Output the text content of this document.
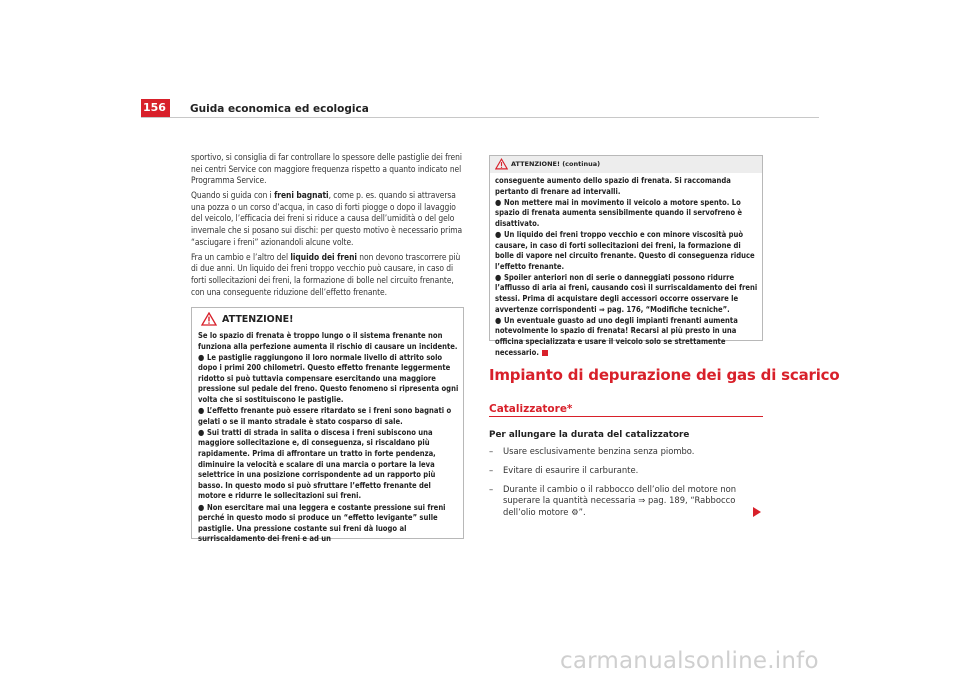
156 Guida economica ed ecologica

sportivo, si consiglia di far controllare lo spessore delle pastiglie dei freni nei centri Service con maggiore frequenza rispetto a quanto indicato nel Programma Service.

Quando si guida con i freni bagnati, come p. es. quando si attraversa una pozza o un corso d’acqua, in caso di forti piogge o dopo il lavaggio del veicolo, l’efficacia dei freni si riduce a causa dell’umidità o del gelo invernale che si posano sui dischi: per questo motivo è necessario prima “asciugare i freni” azionandoli alcune volte.

Fra un cambio e l’altro del liquido dei freni non devono trascorrere più di due anni. Un liquido dei freni troppo vecchio può causare, in caso di forti sollecitazioni dei freni, la formazione di bolle nel circuito frenante, con una conseguente riduzione dell’effetto frenante.

ATTENZIONE!

Se lo spazio di frenata è troppo lungo o il sistema frenante non funziona alla perfezione aumenta il rischio di causare un incidente.

● Le pastiglie raggiungono il loro normale livello di attrito solo dopo i primi 200 chilometri. Questo effetto frenante leggermente ridotto si può tuttavia compensare esercitando una maggiore pressione sul pedale del freno. Questo fenomeno si ripresenta ogni volta che si sostituiscono le pastiglie.

● L’effetto frenante può essere ritardato se i freni sono bagnati o gelati o se il manto stradale è stato cosparso di sale.

● Sui tratti di strada in salita o discesa i freni subiscono una maggiore sollecitazione e, di conseguenza, si riscaldano più rapidamente. Prima di affrontare un tratto in forte pendenza, diminuire la velocità e scalare di una marcia o portare la leva selettrice in una posizione corrispondente ad un rapporto più basso. In questo modo si può sfruttare l’effetto frenante del motore e ridurre le sollecitazioni sui freni.

● Non esercitare mai una leggera e costante pressione sui freni perché in questo modo si produce un “effetto levigante” sulle pastiglie. Una pressione costante sui freni dà luogo al surriscaldamento dei freni e ad un

ATTENZIONE! (continua)

conseguente aumento dello spazio di frenata. Si raccomanda pertanto di frenare ad intervalli.

● Non mettere mai in movimento il veicolo a motore spento. Lo spazio di frenata aumenta sensibilmente quando il servofreno è disattivato.

● Un liquido dei freni troppo vecchio e con minore viscosità può causare, in caso di forti sollecitazioni dei freni, la formazione di bolle di vapore nel circuito frenante. Questo di conseguenza riduce l’effetto frenante.

● Spoiler anteriori non di serie o danneggiati possono ridurre l’afflusso di aria ai freni, causando così il surriscaldamento dei freni stessi. Prima di acquistare degli accessori occorre osservare le avvertenze corrispondenti ⇒ pag. 176, “Modifiche tecniche”.

● Un eventuale guasto ad uno degli impianti frenanti aumenta notevolmente lo spazio di frenata! Recarsi al più presto in una officina specializzata e usare il veicolo solo se strettamente necessario.

Impianto di depurazione dei gas di scarico
Catalizzatore*
Per allungare la durata del catalizzatore
– Usare esclusivamente benzina senza piombo.
– Evitare di esaurire il carburante.
– Durante il cambio o il rabbocco dell’olio del motore non superare la quantità necessaria ⇒ pag. 189, “Rabbocco dell’olio motore ⚙”.
carmanualsonline.info
